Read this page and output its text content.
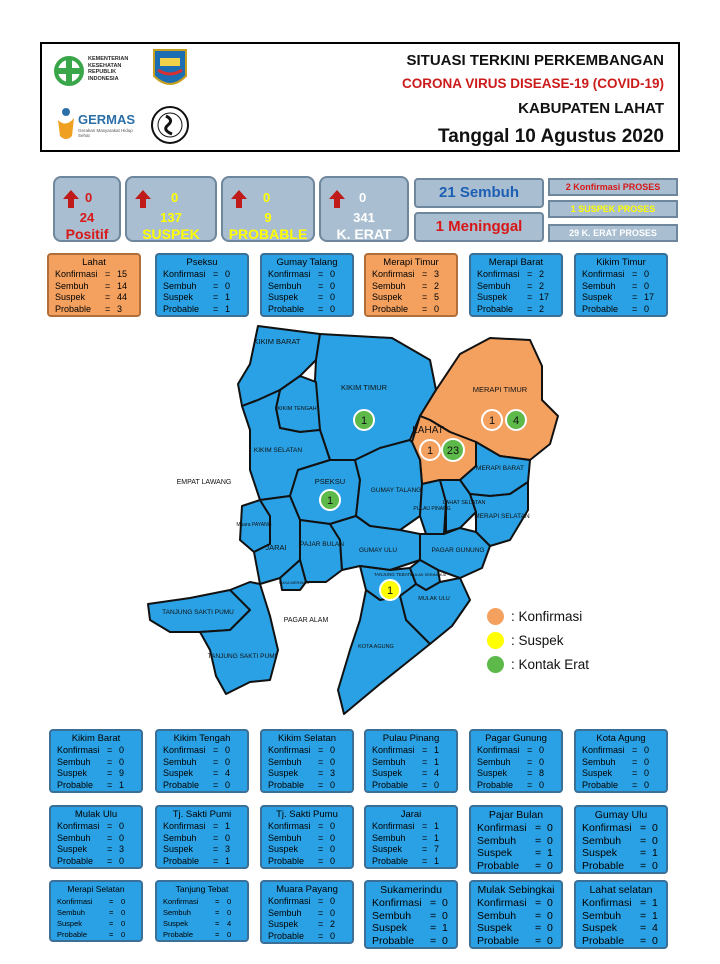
KEMENTERIAN KESEHATAN REPUBLIK INDONESIA
GERMAS
Gerakan Masyarakat Hidup Sehat
SITUASI TERKINI PERKEMBANGAN
CORONA VIRUS DISEASE-19 (COVID-19)
KABUPATEN LAHAT
Tanggal 10 Agustus 2020
0
24
Positif
0
137
SUSPEK
0
9
PROBABLE
0
341
K. ERAT
21 Sembuh
1 Meninggal
2 Konfirmasi PROSES
1 SUSPEK PROSES
29 K. ERAT PROSES
Lahat
Konfirmasi = 15
Sembuh	= 14
Suspek	= 44
Probable	= 3
Pseksu
Konfirmasi = 0
Sembuh	= 0
Suspek	= 1
Probable	= 1
Gumay Talang
Konfirmasi = 0
Sembuh	= 0
Suspek	= 0
Probable	= 0
Merapi Timur
Konfirmasi = 3
Sembuh	= 2
Suspek	= 5
Probable	= 0
Merapi Barat
Konfirmasi = 2
Sembuh	= 2
Suspek	= 17
Probable	= 2
Kikim Timur
Konfirmasi = 0
Sembuh	= 0
Suspek	= 17
Probable	= 0
KIKIM BARAT
KIKIM TIMUR
KIKIM TENGAH
KIKIM SELATAN
MERAPI TIMUR
LAHAT
MERAPI BARAT
PSEKSU
GUMAY TALANG
PULAU PINANG
LAHAT SELATAN
MERAPI SELATAN
Muara PAYANG
JARAI PAJAR BULAN
GUMAY ULU	PAGAR GUNUNG
SUKA MERINDU
TANJUNG TEBAT MULAK SEBINGKAI
MULAK ULU
KOTA AGUNG
TANJUNG SAKTI PUMU
TANJUNG SAKTI PUMI
EMPAT LAWANG
PAGAR ALAM
1	1 4
1 23
1
1
: Konfirmasi
: Suspek
: Kontak Erat
Kikim Barat
Konfirmasi = 0
Sembuh	= 0
Suspek	= 9
Probable	= 1
Kikim Tengah
Konfirmasi = 0
Sembuh	= 0
Suspek	= 4
Probable	= 0
Kikim Selatan
Konfirmasi = 0
Sembuh	= 0
Suspek	= 3
Probable	= 0
Pulau Pinang
Konfirmasi = 1
Sembuh	= 1
Suspek	= 4
Probable	= 0
Pagar Gunung
Konfirmasi = 0
Sembuh	= 0
Suspek	= 8
Probable	= 0
Kota Agung
Konfirmasi = 0
Sembuh	= 0
Suspek	= 0
Probable	= 0
Mulak Ulu
Konfirmasi = 0
Sembuh	= 0
Suspek	= 3
Probable	= 0
Tj. Sakti Pumi
Konfirmasi = 1
Sembuh	= 0
Suspek	= 3
Probable	= 1
Tj. Sakti Pumu
Konfirmasi = 0
Sembuh	= 0
Suspek	= 0
Probable	= 0
Jarai
Konfirmasi = 1
Sembuh	= 1
Suspek	= 7
Probable	= 1
Pajar Bulan
Konfirmasi = 0
Sembuh	= 0
Suspek	= 1
Probable	= 0
Gumay Ulu
Konfirmasi = 0
Sembuh	= 0
Suspek	= 1
Probable	= 0
Merapi Selatan
Konfirmasi	=	0
Sembuh	=	0
Suspek	=	0
Probable	=	0
Tanjung Tebat
Konfirmasi	=	0
Sembuh	=	0
Suspek	=	4
Probable	=	0
Muara Payang
Konfirmasi = 0
Sembuh	= 0
Suspek	= 2
Probable	= 0
Sukamerindu
Konfirmasi = 0
Sembuh	= 0
Suspek	= 1
Probable	= 0
Mulak Sebingkai
Konfirmasi = 0
Sembuh	= 0
Suspek	= 0
Probable	= 0
Lahat selatan
Konfirmasi = 1
Sembuh	= 1
Suspek	= 4
Probable	= 0
